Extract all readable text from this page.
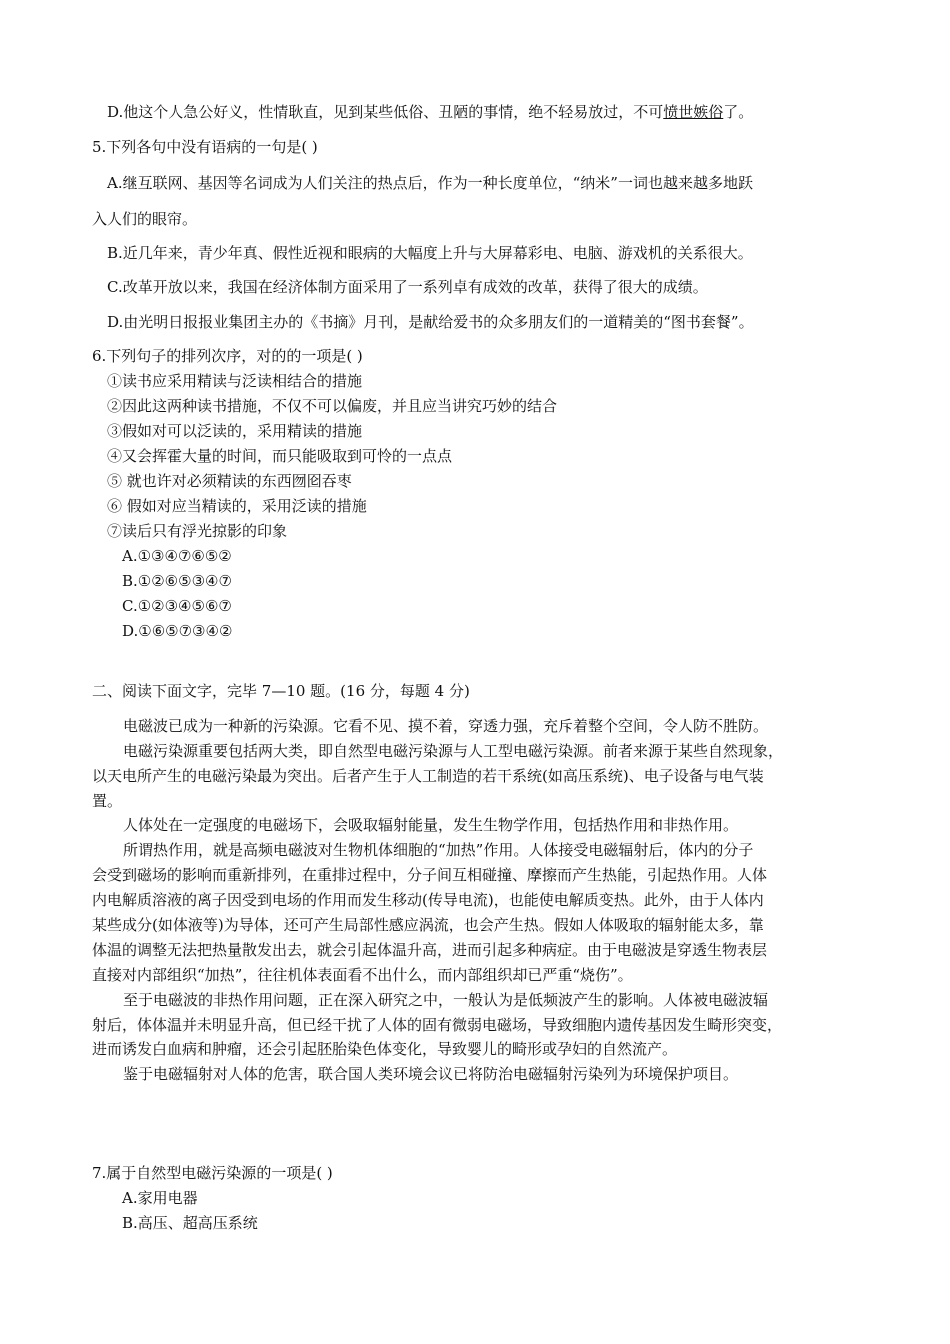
D.他这个人急公好义，性情耿直，见到某些低俗、丑陋的事情，绝不轻易放过，不可愤世嫉俗了。
5.下列各句中没有语病的一句是( )
A.继互联网、基因等名词成为人们关注的热点后，作为一种长度单位，“纳米”一词也越来越多地跃
入人们的眼帘。
B.近几年来，青少年真、假性近视和眼病的大幅度上升与大屏幕彩电、电脑、游戏机的关系很大。
C.改革开放以来，我国在经济体制方面采用了一系列卓有成效的改革，获得了很大的成绩。
D.由光明日报报业集团主办的《书摘》月刊，是献给爱书的众多朋友们的一道精美的“图书套餐”。
6.下列句子的排列次序，对的的一项是( )
①读书应采用精读与泛读相结合的措施
②因此这两种读书措施，不仅不可以偏废，并且应当讲究巧妙的结合
③假如对可以泛读的，采用精读的措施
④又会挥霍大量的时间，而只能吸取到可怜的一点点
⑤ 就也许对必须精读的东西囫囵吞枣
⑥ 假如对应当精读的，采用泛读的措施
⑦读后只有浮光掠影的印象
A.①③④⑦⑥⑤②
B.①②⑥⑤③④⑦
C.①②③④⑤⑥⑦
D.①⑥⑤⑦③④②
二、阅读下面文字，完毕 7—10 题。(16 分，每题 4 分)
电磁波已成为一种新的污染源。它看不见、摸不着，穿透力强，充斥着整个空间，令人防不胜防。
电磁污染源重要包括两大类，即自然型电磁污染源与人工型电磁污染源。前者来源于某些自然现象，
以天电所产生的电磁污染最为突出。后者产生于人工制造的若干系统(如高压系统)、电子设备与电气装
置。
人体处在一定强度的电磁场下，会吸取辐射能量，发生生物学作用，包括热作用和非热作用。
所谓热作用，就是高频电磁波对生物机体细胞的“加热”作用。人体接受电磁辐射后，体内的分子
会受到磁场的影响而重新排列，在重排过程中，分子间互相碰撞、摩擦而产生热能，引起热作用。人体
内电解质溶液的离子因受到电场的作用而发生移动(传导电流)，也能使电解质变热。此外，由于人体内
某些成分(如体液等)为导体，还可产生局部性感应涡流，也会产生热。假如人体吸取的辐射能太多，靠
体温的调整无法把热量散发出去，就会引起体温升高，进而引起多种病症。由于电磁波是穿透生物表层
直接对内部组织“加热”，往往机体表面看不出什么，而内部组织却已严重“烧伤”。
至于电磁波的非热作用问题，正在深入研究之中，一般认为是低频波产生的影响。人体被电磁波辐
射后，体体温并未明显升高，但已经干扰了人体的固有微弱电磁场，导致细胞内遗传基因发生畸形突变，
进而诱发白血病和肿瘤，还会引起胚胎染色体变化，导致婴儿的畸形或孕妇的自然流产。
鉴于电磁辐射对人体的危害，联合国人类环境会议已将防治电磁辐射污染列为环境保护项目。
7.属于自然型电磁污染源的一项是( )
A.家用电器
B.高压、超高压系统
